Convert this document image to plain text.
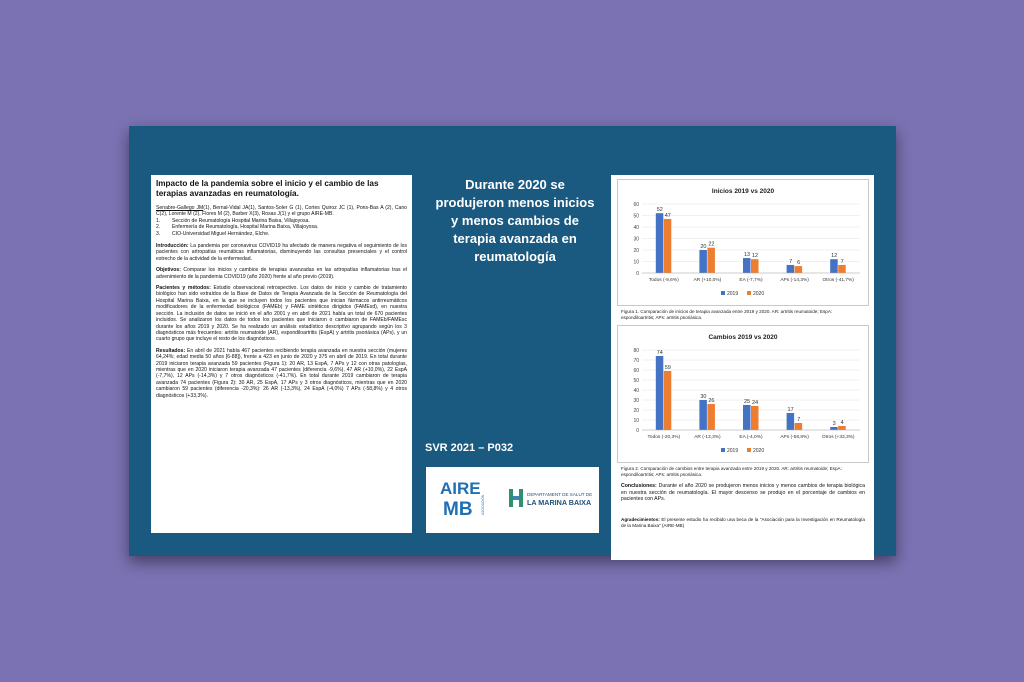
Impacto de la pandemia sobre el inicio y el cambio de las terapias avanzadas en reumatología.

Senabre-Gallego JM(1), Bernal-Vidal JA(1), Santos-Soler G (1), Cortes Quiroz JC (1), Pons-Bas A (2), Cano C(2), Lorente M (2), Flores M (2), Barber X(3), Rosas J(1) y el grupo AIRE-MB.

1. Sección de Reumatología Hospital Marina Baixa, Villajoyosa.
2. Enfermería de Reumatología, Hospital Marina Baixa, Villajoyosa.
3. CIO-Universidad Miguel Hernández, Elche.

Introducción: La pandemia por coronavirus COVID19 ha afectado de manera negativa el seguimiento de los pacientes con artropatías reumáticas inflamatorias, disminuyendo las consultas presenciales y el control estrecho de la actividad de la enfermedad.

Objetivos: Comparar los inicios y cambios de terapias avanzadas en las artropatías inflamatorias tras el advenimiento de la pandemia COVID19 (año 2020) frente al año previo (2019).

Pacientes y métodos: Estudio observacional retrospectivo. Los datos de inicio y cambio de tratamiento biológico han sido extraídos de la Base de Datos de Terapia Avanzada de la Sección de Reumatología del Hospital Marina Baixa, en la que se incluyen todos los pacientes que inician fármacos antirreumáticos modificadores de la enfermedad biológicos (FAMEb) y FAME sintéticos dirigidos (FAMEsd), en nuestra sección. La inclusión de datos se inició en el año 2001 y en abril de 2021 había un total de 670 pacientes incluidos. Se analizaron los datos de todos los pacientes que iniciaron o cambiaron de FAMEb/FAMEsc durante los años 2019 y 2020. Se ha realizado un análisis estadístico descriptivo agrupando según los 3 diagnósticos más frecuentes: artritis reumatoide (AR), espondiloartritis (EspA) y artritis psoriásica (APs), y un cuarto grupo que incluye el resto de los diagnósticos.

Resultados: En abril de 2021 había 467 pacientes recibiendo terapia avanzada en nuestra sección (mujeres 64,24%; edad media 50 años [6-88]), frente a 423 en junio de 2020 y 375 en abril de 2019. En total durante 2019 iniciaron terapia avanzada 59 pacientes (Figura 1): 20 AR, 13 EspA, 7 APs y 12 con otras patologías, mientras que en 2020 iniciaron terapia avanzada 47 pacientes (diferencia -9,6%), 47 AR (+10,0%), 22 EspA (-7,7%), 12 APs (-14,3%) y 7 otros diagnósticos (-41,7%). En total durante 2019 cambiaron de terapia avanzada 74 pacientes (Figura 2): 30 AR, 25 EspA, 17 APs y 3 otros diagnósticos, mientras que en 2020 cambiaron 59 pacientes (diferencia -20,3%): 26 AR (-13,3%), 24 EspA (-4,0%) 7 APs (-58,8%) y 4 otros diagnósticos (+33,3%).

Durante 2020 se produjeron menos inicios y menos cambios de terapia avanzada en reumatología
SVR 2021 – P032
AIRE
MB	ASOCIACIÓN
DEPARTAMENT DE SALUT DE
LA MARINA BAIXA
Inicios 2019 vs 2020
0
10
20
30
40
50
60
52
47
Todos (-9,6%)
20 22
AR (+10,0%)
13 12
EA (-7,7%)
7 6
APs (-14,3%)
12
7
Otros (-41,7%)
2019	2020
Figura 1. Comparación de inicios de terapia avanzada entre 2019 y 2020. AR: artritis reumatoide; EspA: espondiloartritis; APs: artritis psoriásica.
Cambios 2019 vs 2020
0
10
20
30
40
50
60
70
80	74
59
Todos (-20,3%)
30
26
AR (-13,3%)
25 24
EA (-4,0%)
17
7
APs (-58,8%)
3 4
Otros (+33,3%)
2019	2020
Figura 2. Comparación de cambios entre terapia avanzada entre 2019 y 2020. AR: artritis reumatoide; EspA: espondiloartritis; APs: artritis psoriásica.

Conclusiones: Durante el año 2020 se produjeron menos inicios y menos cambios de terapia biológica en nuestra sección de reumatología. El mayor descenso se produjo en el porcentaje de cambios en pacientes con APs.

Agradecimientos: El presente estudio ha recibido una beca de la "Asociación para la Investigación en Reumatología de la Marina Baixa" (AIRE-MB)
